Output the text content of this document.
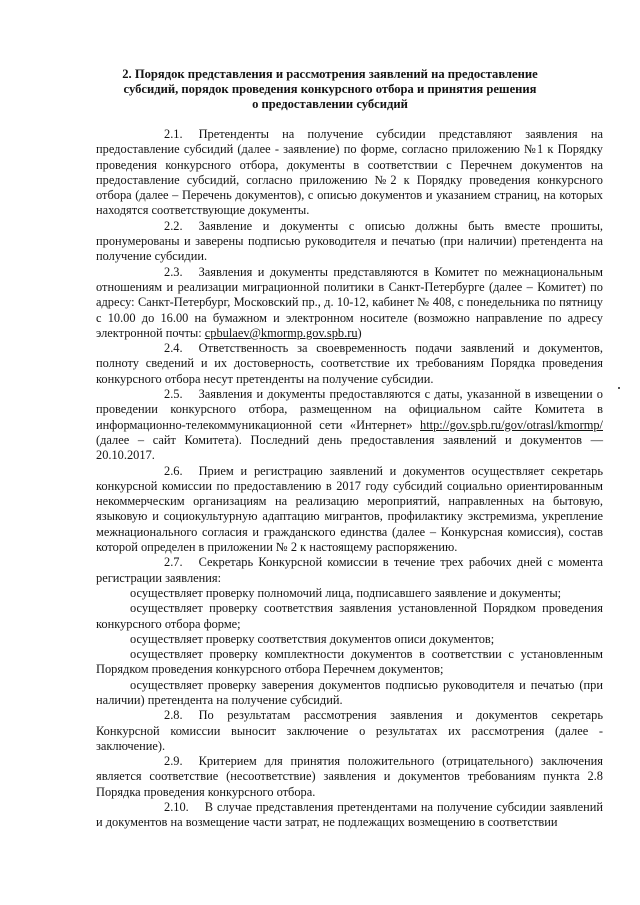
2. Порядок представления и рассмотрения заявлений на предоставление
субсидий, порядок проведения конкурсного отбора и принятия решения
о предоставлении субсидий

2.1. Претенденты на получение субсидии представляют заявления на предоставление субсидий (далее - заявление) по форме, согласно приложению №1 к Порядку проведения конкурсного отбора, документы в соответствии с Перечнем документов на предоставление субсидий, согласно приложению №2 к Порядку проведения конкурсного отбора (далее – Перечень документов), с описью документов и указанием страниц, на которых находятся соответствующие документы.

2.2. Заявление и документы с описью должны быть вместе прошиты, пронумерованы и заверены подписью руководителя и печатью (при наличии) претендента на получение субсидии.

2.3. Заявления и документы представляются в Комитет по межнациональным отношениям и реализации миграционной политики в Санкт-Петербурге (далее – Комитет) по адресу: Санкт-Петербург, Московский пр., д. 10-12, кабинет № 408, с понедельника по пятницу с 10.00 до 16.00 на бумажном и электронном носителе (возможно направление по адресу электронной почты: cpbulaev@kmormp.gov.spb.ru)

2.4. Ответственность за своевременность подачи заявлений и документов, полноту сведений и их достоверность, соответствие их требованиям Порядка проведения конкурсного отбора несут претенденты на получение субсидии.

2.5. Заявления и документы предоставляются с даты, указанной в извещении о проведении конкурсного отбора, размещенном на официальном сайте Комитета в информационно-телекоммуникационной сети «Интернет» http://gov.spb.ru/gov/otrasl/kmormp/ (далее – сайт Комитета). Последний день предоставления заявлений и документов — 20.10.2017.

2.6. Прием и регистрацию заявлений и документов осуществляет секретарь конкурсной комиссии по предоставлению в 2017 году субсидий социально ориентированным некоммерческим организациям на реализацию мероприятий, направленных на бытовую, языковую и социокультурную адаптацию мигрантов, профилактику экстремизма, укрепление межнационального согласия и гражданского единства (далее – Конкурсная комиссия), состав которой определен в приложении № 2 к настоящему распоряжению.

2.7. Секретарь Конкурсной комиссии в течение трех рабочих дней с момента регистрации заявления:

осуществляет проверку полномочий лица, подписавшего заявление и документы;

осуществляет проверку соответствия заявления установленной Порядком проведения конкурсного отбора форме;

осуществляет проверку соответствия документов описи документов;

осуществляет проверку комплектности документов в соответствии с установленным Порядком проведения конкурсного отбора Перечнем документов;

осуществляет проверку заверения документов подписью руководителя и печатью (при наличии) претендента на получение субсидий.

2.8. По результатам рассмотрения заявления и документов секретарь Конкурсной комиссии выносит заключение о результатах их рассмотрения (далее - заключение).

2.9. Критерием для принятия положительного (отрицательного) заключения является соответствие (несоответствие) заявления и документов требованиям пункта 2.8 Порядка проведения конкурсного отбора.

2.10. В случае представления претендентами на получение субсидии заявлений и документов на возмещение части затрат, не подлежащих возмещению в соответствии
